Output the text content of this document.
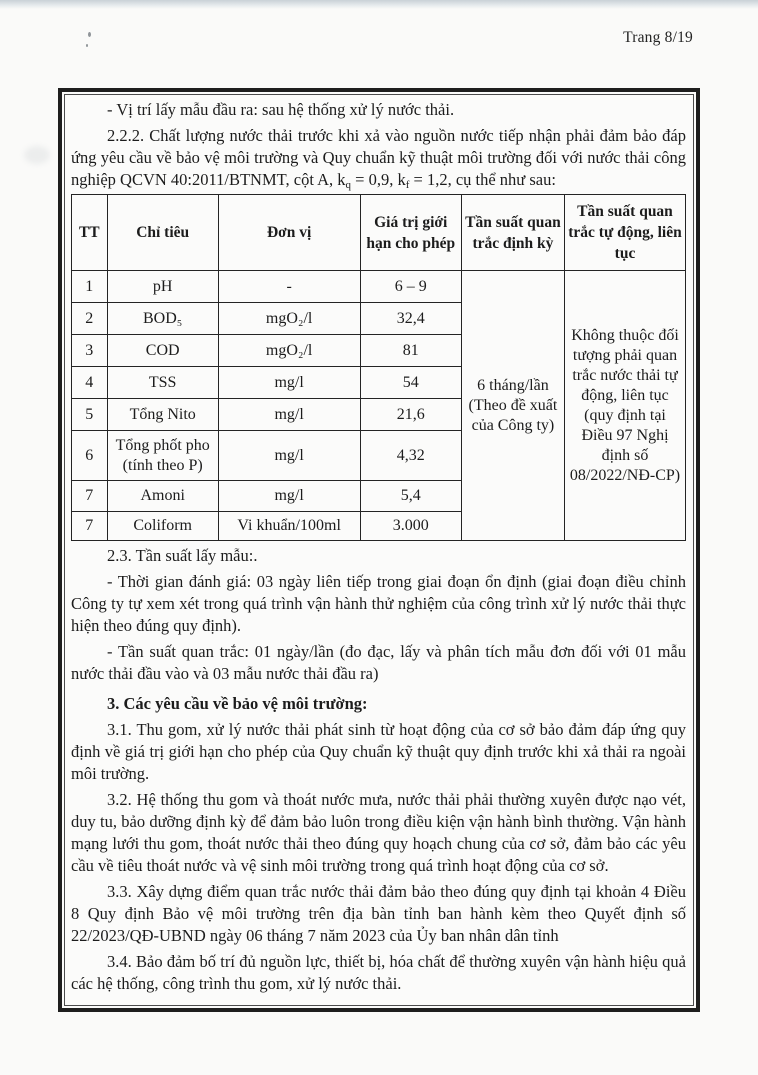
Trang 8/19

- Vị trí lấy mẫu đầu ra: sau hệ thống xử lý nước thải.

2.2.2. Chất lượng nước thải trước khi xả vào nguồn nước tiếp nhận phải đảm bảo đáp ứng yêu cầu về bảo vệ môi trường và Quy chuẩn kỹ thuật môi trường đối với nước thải công nghiệp QCVN 40:2011/BTNMT, cột A, $k_q = 0,9$, $k_f = 1,2$, cụ thể như sau:

TT	Chỉ tiêu	Đơn vị	Giá trị giới hạn cho phép	Tần suất quan trắc định kỳ	Tần suất quan trắc tự động, liên tục
1	pH	-	6 – 9	6 tháng/lần (Theo đề xuất của Công ty)	Không thuộc đối tượng phải quan trắc nước thải tự động, liên tục (quy định tại Điều 97 Nghị định số 08/2022/NĐ-CP)
2	BOD₅	mgO₂/l	32,4		
3	COD	mgO₂/l	81		
4	TSS	mg/l	54		
5	Tổng Nito	mg/l	21,6		
6	Tổng phốt pho (tính theo P)	mg/l	4,32		
7	Amoni	mg/l	5,4		
7	Coliform	Vi khuẩn/100ml	3.000		

2.3. Tần suất lấy mẫu:.

- Thời gian đánh giá: 03 ngày liên tiếp trong giai đoạn ổn định (giai đoạn điều chỉnh Công ty tự xem xét trong quá trình vận hành thử nghiệm của công trình xử lý nước thải thực hiện theo đúng quy định).

- Tần suất quan trắc: 01 ngày/lần (đo đạc, lấy và phân tích mẫu đơn đối với 01 mẫu nước thải đầu vào và 03 mẫu nước thải đầu ra)

3. Các yêu cầu về bảo vệ môi trường:

3.1. Thu gom, xử lý nước thải phát sinh từ hoạt động của cơ sở bảo đảm đáp ứng quy định về giá trị giới hạn cho phép của Quy chuẩn kỹ thuật quy định trước khi xả thải ra ngoài môi trường.

3.2. Hệ thống thu gom và thoát nước mưa, nước thải phải thường xuyên được nạo vét, duy tu, bảo dưỡng định kỳ để đảm bảo luôn trong điều kiện vận hành bình thường. Vận hành mạng lưới thu gom, thoát nước thải theo đúng quy hoạch chung của cơ sở, đảm bảo các yêu cầu về tiêu thoát nước và vệ sinh môi trường trong quá trình hoạt động của cơ sở.

3.3. Xây dựng điểm quan trắc nước thải đảm bảo theo đúng quy định tại khoản 4 Điều 8 Quy định Bảo vệ môi trường trên địa bàn tỉnh ban hành kèm theo Quyết định số 22/2023/QĐ-UBND ngày 06 tháng 7 năm 2023 của Ủy ban nhân dân tỉnh

3.4. Bảo đảm bố trí đủ nguồn lực, thiết bị, hóa chất để thường xuyên vận hành hiệu quả các hệ thống, công trình thu gom, xử lý nước thải.
